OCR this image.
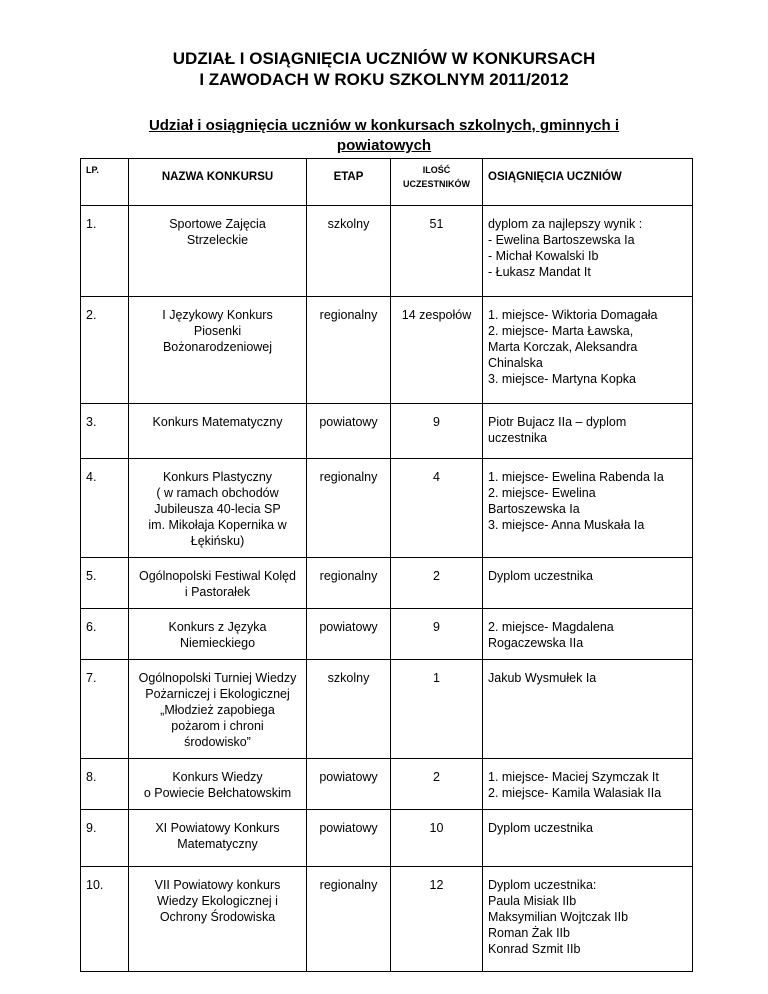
UDZIAŁ I OSIĄGNIĘCIA UCZNIÓW W KONKURSACH
I ZAWODACH W ROKU SZKOLNYM 2011/2012
Udział i osiągnięcia uczniów w konkursach szkolnych, gminnych i
powiatowych
LP.	NAZWA KONKURSU	ETAP	ILOŚĆ
UCZESTNIKÓW	OSIĄGNIĘCIA UCZNIÓW
1.	Sportowe Zajęcia
Strzeleckie	szkolny	51	dyplom za najlepszy wynik :
- Ewelina Bartoszewska Ia
- Michał Kowalski Ib
- Łukasz Mandat It

2.	I Językowy Konkurs
Piosenki
Bożonarodzeniowej	regionalny	14 zespołów	1. miejsce- Wiktoria Domagała
2. miejsce- Marta Ławska,
Marta Korczak, Aleksandra
Chinalska
3. miejsce- Martyna Kopka

3.	Konkurs Matematyczny	powiatowy	9	Piotr Bujacz IIa – dyplom
uczestnika

4.	Konkurs Plastyczny
( w ramach obchodów
Jubileusza 40-lecia SP
im. Mikołaja Kopernika w
Łękińsku)	regionalny	4	1. miejsce- Ewelina Rabenda Ia
2. miejsce- Ewelina
Bartoszewska Ia
3. miejsce- Anna Muskała Ia

5.	Ogólnopolski Festiwal Kolęd
i Pastorałek	regionalny	2	Dyplom uczestnika

6.	Konkurs z Języka
Niemieckiego	powiatowy	9	2. miejsce- Magdalena
Rogaczewska IIa

7.	Ogólnopolski Turniej Wiedzy
Pożarniczej i Ekologicznej
„Młodzież zapobiega
pożarom i chroni
środowisko”	szkolny	1	Jakub Wysmułek Ia

8.	Konkurs Wiedzy
o Powiecie Bełchatowskim	powiatowy	2	1. miejsce- Maciej Szymczak It
2. miejsce- Kamila Walasiak IIa

9.	XI Powiatowy Konkurs
Matematyczny	powiatowy	10	Dyplom uczestnika

10.	VII Powiatowy konkurs
Wiedzy Ekologicznej i
Ochrony Środowiska	regionalny	12	Dyplom uczestnika:
Paula Misiak IIb
Maksymilian Wojtczak IIb
Roman Żak IIb
Konrad Szmit IIb
